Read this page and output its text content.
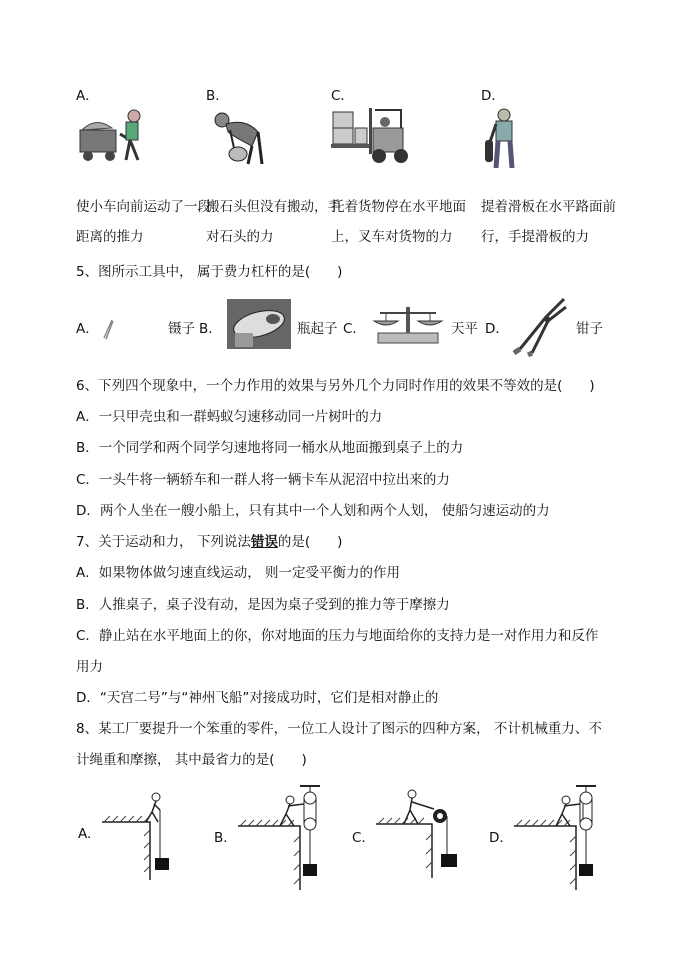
A．
使小车向前运动了一段距离的推力
B．
搬石头但没有搬动，手对石头的力
C．
托着货物停在水平地面上，叉车对货物的力
D．
提着滑板在水平路面前行，手提滑板的力
5、图所示工具中， 属于费力杠杆的是(　　)
A．	镊子 B．	瓶起子 C．	天平 D．	钳子
6、下列四个现象中，一个力作用的效果与另外几个力同时作用的效果不等效的是(　　)
A．一只甲壳虫和一群蚂蚁匀速移动同一片树叶的力
B．一个同学和两个同学匀速地将同一桶水从地面搬到桌子上的力
C．一头牛将一辆轿车和一群人将一辆卡车从泥沼中拉出来的力
D．两个人坐在一艘小船上，只有其中一个人划和两个人划， 使船匀速运动的力
7、关于运动和力， 下列说法错误的是(　　)
A．如果物体做匀速直线运动， 则一定受平衡力的作用
B．人推桌子，桌子没有动，是因为桌子受到的推力等于摩擦力
C．静止站在水平地面上的你，你对地面的压力与地面给你的支持力是一对作用力和反作
用力
D．“天宫二号”与“神州飞船”对接成功时，它们是相对静止的
8、某工厂要提升一个笨重的零件，一位工人设计了图示的四种方案， 不计机械重力、不
计绳重和摩擦， 其中最省力的是(　　)
A.	B．	C．	D．
